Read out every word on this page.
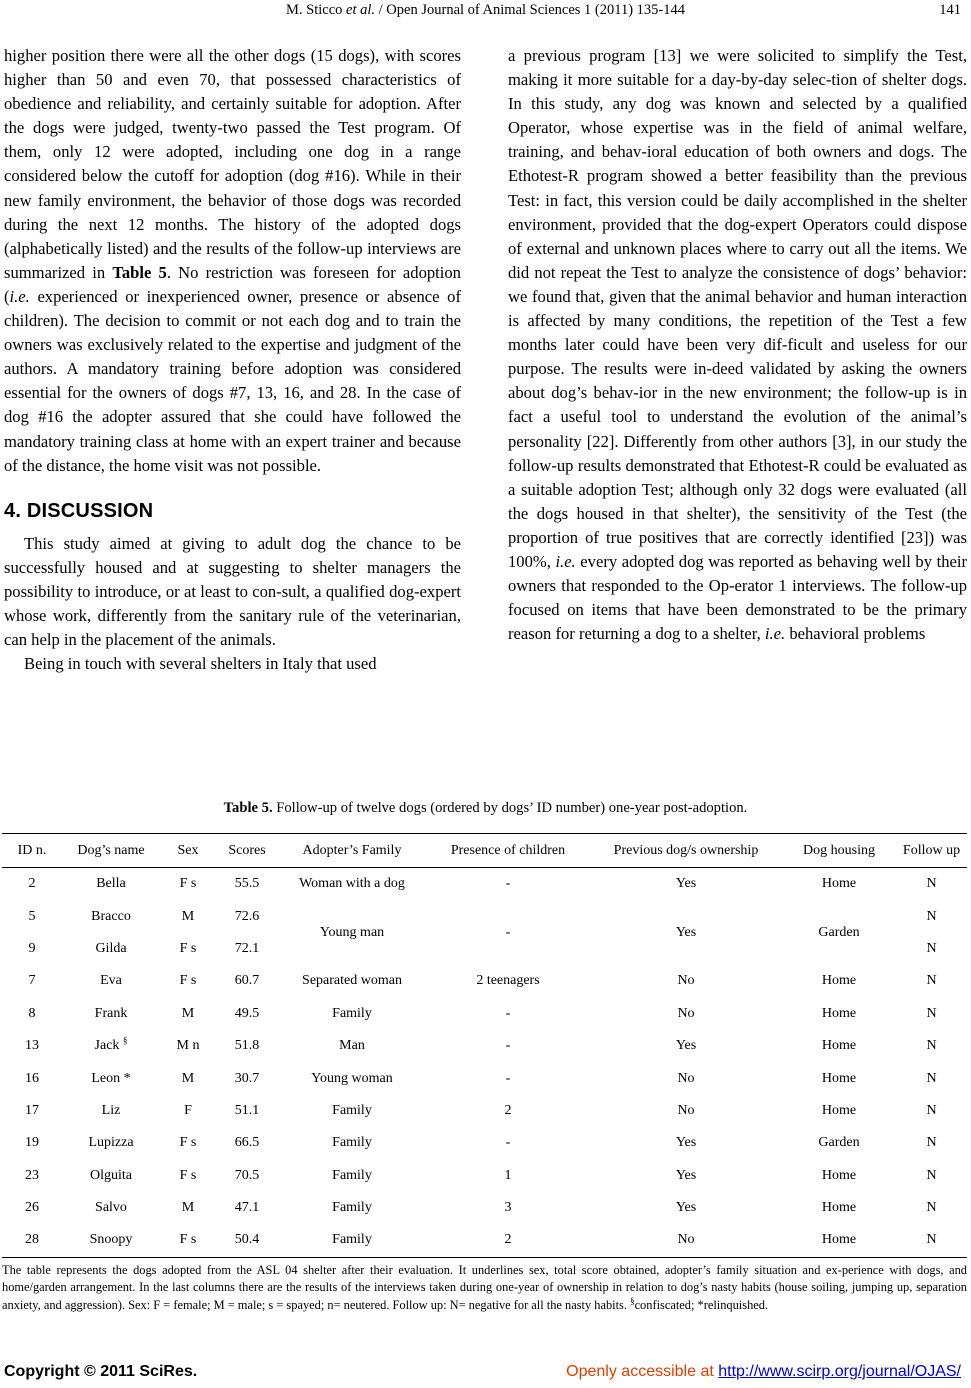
M. Sticco et al. / Open Journal of Animal Sciences 1 (2011) 135-144	141

higher position there were all the other dogs (15 dogs), with scores higher than 50 and even 70, that possessed characteristics of obedience and reliability, and certainly suitable for adoption. After the dogs were judged, twenty-two passed the Test program. Of them, only 12 were adopted, including one dog in a range considered below the cutoff for adoption (dog #16). While in their new family environment, the behavior of those dogs was recorded during the next 12 months. The history of the adopted dogs (alphabetically listed) and the results of the follow-up interviews are summarized in Table 5. No restriction was foreseen for adoption (i.e. experienced or inexperienced owner, presence or absence of children). The decision to commit or not each dog and to train the owners was exclusively related to the expertise and judgment of the authors. A mandatory training before adoption was considered essential for the owners of dogs #7, 13, 16, and 28. In the case of dog #16 the adopter assured that she could have followed the mandatory training class at home with an expert trainer and because of the distance, the home visit was not possible.

4. DISCUSSION

This study aimed at giving to adult dog the chance to be successfully housed and at suggesting to shelter managers the possibility to introduce, or at least to con-sult, a qualified dog-expert whose work, differently from the sanitary rule of the veterinarian, can help in the placement of the animals.

Being in touch with several shelters in Italy that used

a previous program [13] we were solicited to simplify the Test, making it more suitable for a day-by-day selec-tion of shelter dogs. In this study, any dog was known and selected by a qualified Operator, whose expertise was in the field of animal welfare, training, and behav-ioral education of both owners and dogs. The Ethotest-R program showed a better feasibility than the previous Test: in fact, this version could be daily accomplished in the shelter environment, provided that the dog-expert Operators could dispose of external and unknown places where to carry out all the items. We did not repeat the Test to analyze the consistence of dogs’ behavior: we found that, given that the animal behavior and human interaction is affected by many conditions, the repetition of the Test a few months later could have been very dif-ficult and useless for our purpose. The results were in-deed validated by asking the owners about dog’s behav-ior in the new environment; the follow-up is in fact a useful tool to understand the evolution of the animal’s personality [22]. Differently from other authors [3], in our study the follow-up results demonstrated that Ethotest-R could be evaluated as a suitable adoption Test; although only 32 dogs were evaluated (all the dogs housed in that shelter), the sensitivity of the Test (the proportion of true positives that are correctly identified [23]) was 100%, i.e. every adopted dog was reported as behaving well by their owners that responded to the Op-erator 1 interviews. The follow-up focused on items that have been demonstrated to be the primary reason for returning a dog to a shelter, i.e. behavioral problems

Table 5. Follow-up of twelve dogs (ordered by dogs’ ID number) one-year post-adoption.
ID n.	Dog’s name	Sex	Scores	Adopter’s Family	Presence of children	Previous dog/s ownership	Dog housing	Follow up
2	Bella	F s	55.5	Woman with a dog	-	Yes	Home	N
5	Bracco	M	72.6	Young man	-	Yes	Garden	N
9	Gilda	F s	72.1					N
7	Eva	F s	60.7	Separated woman	2 teenagers	No	Home	N
8	Frank	M	49.5	Family	-	No	Home	N
13	Jack §	M n	51.8	Man	-	Yes	Home	N
16	Leon *	M	30.7	Young woman	-	No	Home	N
17	Liz	F	51.1	Family	2	No	Home	N
19	Lupizza	F s	66.5	Family	-	Yes	Garden	N
23	Olguita	F s	70.5	Family	1	Yes	Home	N
26	Salvo	M	47.1	Family	3	Yes	Home	N
28	Snoopy	F s	50.4	Family	2	No	Home	N
The table represents the dogs adopted from the ASL 04 shelter after their evaluation. It underlines sex, total score obtained, adopter’s family situation and ex-perience with dogs, and home/garden arrangement. In the last columns there are the results of the interviews taken during one-year of ownership in relation to dog’s nasty habits (house soiling, jumping up, separation anxiety, and aggression). Sex: F = female; M = male; s = spayed; n= neutered. Follow up: N= negative for all the nasty habits. §confiscated; *relinquished.
Copyright © 2011 SciRes.	Openly accessible at http://www.scirp.org/journal/OJAS/
